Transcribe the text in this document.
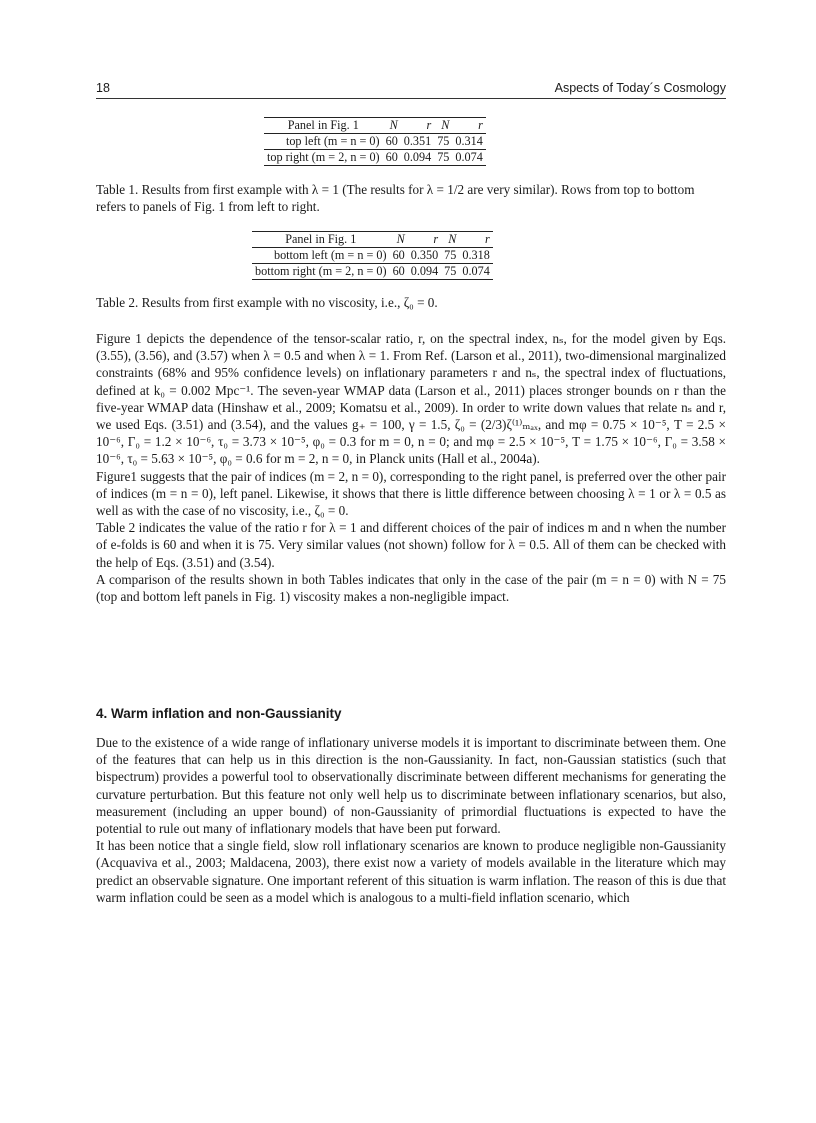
18	Aspects of Today´s Cosmology
Panel in Fig. 1	N	r	N	r
top left (m = n = 0)	60	0.351	75	0.314
top right (m = 2, n = 0)	60	0.094	75	0.074
Table 1. Results from first example with λ = 1 (The results for λ = 1/2 are very similar). Rows from top to bottom refers to panels of Fig. 1 from left to right.
Panel in Fig. 1	N	r	N	r
bottom left (m = n = 0)	60	0.350	75	0.318
bottom right (m = 2, n = 0)	60	0.094	75	0.074
Table 2. Results from first example with no viscosity, i.e., ζ₀ = 0.

Figure 1 depicts the dependence of the tensor-scalar ratio, r, on the spectral index, nₛ, for the model given by Eqs. (3.55), (3.56), and (3.57) when λ = 0.5 and when λ = 1. From Ref. (Larson et al., 2011), two-dimensional marginalized constraints (68% and 95% confidence levels) on inflationary parameters r and nₛ, the spectral index of fluctuations, defined at k₀ = 0.002 Mpc⁻¹. The seven-year WMAP data (Larson et al., 2011) places stronger bounds on r than the five-year WMAP data (Hinshaw et al., 2009; Komatsu et al., 2009). In order to write down values that relate nₛ and r, we used Eqs. (3.51) and (3.54), and the values g₊ = 100, γ = 1.5, ζ₀ = (2/3)ζ⁽¹⁾ₘₐₓ, and mφ = 0.75 × 10⁻⁵, T = 2.5 × 10⁻⁶, Γ₀ = 1.2 × 10⁻⁶, τ₀ = 3.73 × 10⁻⁵, φ₀ = 0.3 for m = 0, n = 0; and mφ = 2.5 × 10⁻⁵, T = 1.75 × 10⁻⁶, Γ₀ = 3.58 × 10⁻⁶, τ₀ = 5.63 × 10⁻⁵, φ₀ = 0.6 for m = 2, n = 0, in Planck units (Hall et al., 2004a).

Figure1 suggests that the pair of indices (m = 2, n = 0), corresponding to the right panel, is preferred over the other pair of indices (m = n = 0), left panel. Likewise, it shows that there is little difference between choosing λ = 1 or λ = 0.5 as well as with the case of no viscosity, i.e., ζ₀ = 0.

Table 2 indicates the value of the ratio r for λ = 1 and different choices of the pair of indices m and n when the number of e-folds is 60 and when it is 75. Very similar values (not shown) follow for λ = 0.5. All of them can be checked with the help of Eqs. (3.51) and (3.54).

A comparison of the results shown in both Tables indicates that only in the case of the pair (m = n = 0) with N = 75 (top and bottom left panels in Fig. 1) viscosity makes a non-negligible impact.

4. Warm inflation and non-Gaussianity

Due to the existence of a wide range of inflationary universe models it is important to discriminate between them. One of the features that can help us in this direction is the non-Gaussianity. In fact, non-Gaussian statistics (such that bispectrum) provides a powerful tool to observationally discriminate between different mechanisms for generating the curvature perturbation. But this feature not only well help us to discriminate between inflationary scenarios, but also, measurement (including an upper bound) of non-Gaussianity of primordial fluctuations is expected to have the potential to rule out many of inflationary models that have been put forward.

It has been notice that a single field, slow roll inflationary scenarios are known to produce negligible non-Gaussianity (Acquaviva et al., 2003; Maldacena, 2003), there exist now a variety of models available in the literature which may predict an observable signature. One important referent of this situation is warm inflation. The reason of this is due that warm inflation could be seen as a model which is analogous to a multi-field inflation scenario, which
